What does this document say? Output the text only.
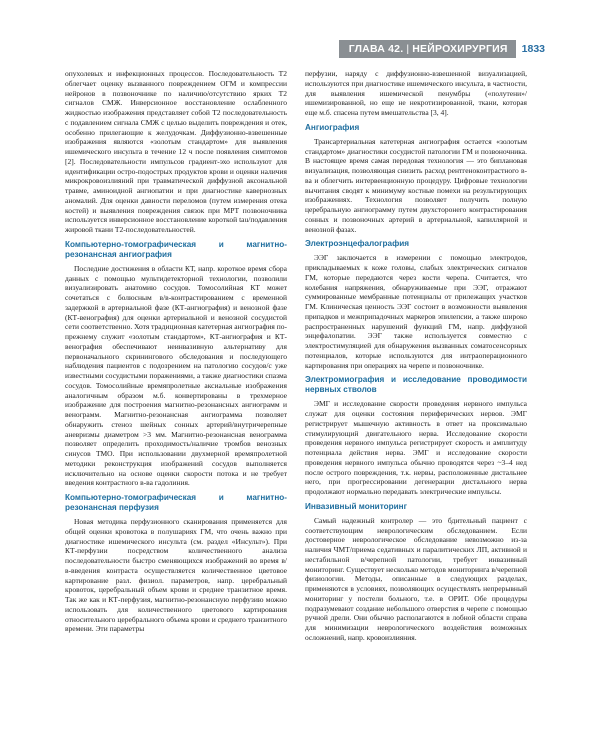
ГЛАВА 42. | НЕЙРОХИРУРГИЯ	1833

опухолевых и инфекционных процессов. Последовательность T2 облегчает оценку вызванного повреждением ОГМ и компрессии нейронов в позвоночнике по наличию/отсутствию ярких T2 сигналов СМЖ. Инверсионное восстановление ослабленного жидкостью изображения представляет собой T2 последовательность с подавлением сигнала СМЖ с целью выделить повреждения и отек, особенно прилегающие к желудочкам. Диффузионно-взвешенные изображения являются «золотым стандартом» для выявления ишемического инсульта в течение 12 ч после появления симптомов [2]. Последовательности импульсов градиент-эхо используют для идентификации остро-подострых продуктов крови и оценки наличия микрокровоизлияний при травматической диффузной аксональной травме, аминоидной ангиопатии и при диагностике кавернозных аномалий. Для оценки давности переломов (путем измерения отека костей) и выявления повреждения связок при МРТ позвоночника используется инверсионное восстановление короткой tau/подавления жировой ткани T2-последовательностей.

Компьютерно-томографическая и магнитно-резонансная ангиография

Последние достижения в области КТ, напр. короткое время сбора данных с помощью мультидетекторной технологии, позволили визуализировать анатомию сосудов. Томосолийная КТ может сочетаться с болюсным в/в-контрастированием с временной задержкой в артериальной фазе (КТ-ангиография) и венозной фазе (КТ-венография) для оценки артериальной и венозной сосудистой сети соответственно. Хотя традиционная катетерная ангиография по-прежнему служит «золотым стандартом», КТ-ангиография и КТ-венография обеспечивают неинвазивную альтернативу для первоначального скринингового обследования и последующего наблюдения пациентов с подозрением на патологию сосудов/с уже известными сосудистыми поражениями, а также диагностики спазма сосудов. Томосолийные времяпролетные аксиальные изображения аналогичным образом м.б. конвертированы в трехмерное изображение для построения магнитно-резонансных ангиограмм и венограмм. Магнитно-резонансная ангиограмма позволяет обнаружить стеноз шейных сонных артерий/внутричерепные аневризмы диаметром >3 мм. Магнитно-резонансная венограмма позволяет определить проходимость/наличие тромбов венозных синусов ТМО. При использовании двухмерной времяпролетной методики реконструкция изображений сосудов выполняется исключительно на основе оценки скорости потока и не требует введения контрастного в-ва гадолиния.

Компьютерно-томографическая и магнитно-резонансная перфузия

Новая методика перфузионного сканирования применяется для общей оценки кровотока в полушариях ГМ, что очень важно при диагностике ишемического инсульта (см. раздел «Инсульт»). При КТ-перфузии посредством количественного анализа последовательности быстро сменяющихся изображений во время в/в-введения контраста осуществляется количественное цветовое картирование разл. физиол. параметров, напр. церебральный кровоток, церебральный объем крови и среднее транзитное время. Так же как и КТ-перфузия, магнитно-резонансную перфузию можно использовать для количественного цветового картирования относительного церебрального объема крови и среднего транзитного времени. Эти параметры

перфузии, наряду с диффузионно-взвешенной визуализацией, используются при диагностике ишемического инсульта, в частности, для выявления ишемической пенумбры («полутени»/ишемизированной, но еще не некротизированной, ткани, которая еще м.б. спасена путем вмешательства [3, 4].

Ангиография

Трансартериальная катетерная ангиография остается «золотым стандартом» диагностики сосудистой патологии ГМ и позвоночника. В настоящее время самая передовая технология — это биплановая визуализация, позволяющая снизить расход рентгеноконтрастного в-ва и облегчить интервенционную процедуру. Цифровые технологии вычитания сводят к минимуму костные помехи на результирующих изображениях. Технология позволяет получить полную церебральную ангиограмму путем двухсторонего контрастирования сонных и позвоночных артерий в артериальной, капиллярной и венозной фазах.

Электроэнцефалография

ЭЭГ заключается в измерении с помощью электродов, прикладываемых к коже головы, слабых электрических сигналов ГМ, которые передаются через кости черепа. Считается, что колебания напряжения, обнаруживаемые при ЭЭГ, отражают суммированные мембранные потенциалы от прилежащих участков ГМ. Клиническая ценность ЭЭГ состоит в возможности выявления припадков и межприпадочных маркеров эпилепсии, а также широко распространенных нарушений функций ГМ, напр. диффузной энцефалопатии. ЭЭГ также используется совместно с электростимуляцией для обнаружения вызванных соматосенсорных потенциалов, которые используются для интраоперационного картирования при операциях на черепе и позвоночнике.

Электромиография и исследование проводимости нервных стволов

ЭМГ и исследование скорости проведения нервного импульса служат для оценки состояния периферических нервов. ЭМГ регистрирует мышечную активность в ответ на проксимально стимулирующий двигательного нерва. Исследование скорости проведения нервного импульса регистрирует скорость и амплитуду потенциала действия нерва. ЭМГ и исследование скорости проведения нервного импульса обычно проводятся через ~3–4 нед после острого повреждения, т.к. нервы, расположенные дистальнее него, при прогрессировании дегенерации дистального нерва продолжают нормально передавать электрические импульсы.

Инвазивный мониторинг

Самый надежный контролер — это бдительный пациент с соответствующим неврологическим обследованием. Если достоверное неврологическое обследование невозможно из-за наличия ЧМТ/приема седативных и паралитических ЛП, активной и нестабильной в/черепной патологии, требует инвазивный мониторинг. Существует несколько методов мониторинга в/черепной физиологии. Методы, описанные в следующих разделах, применяются в условиях, позволяющих осуществлять непрерывный мониторинг у постели больного, т.е. в ОРИТ. Обе процедуры подразумевают создание небольшого отверстия в черепе с помощью ручной дрели. Они обычно располагаются в лобной области справа для минимизации неврологического воздействия возможных осложнений, напр. кровоизлияния.
